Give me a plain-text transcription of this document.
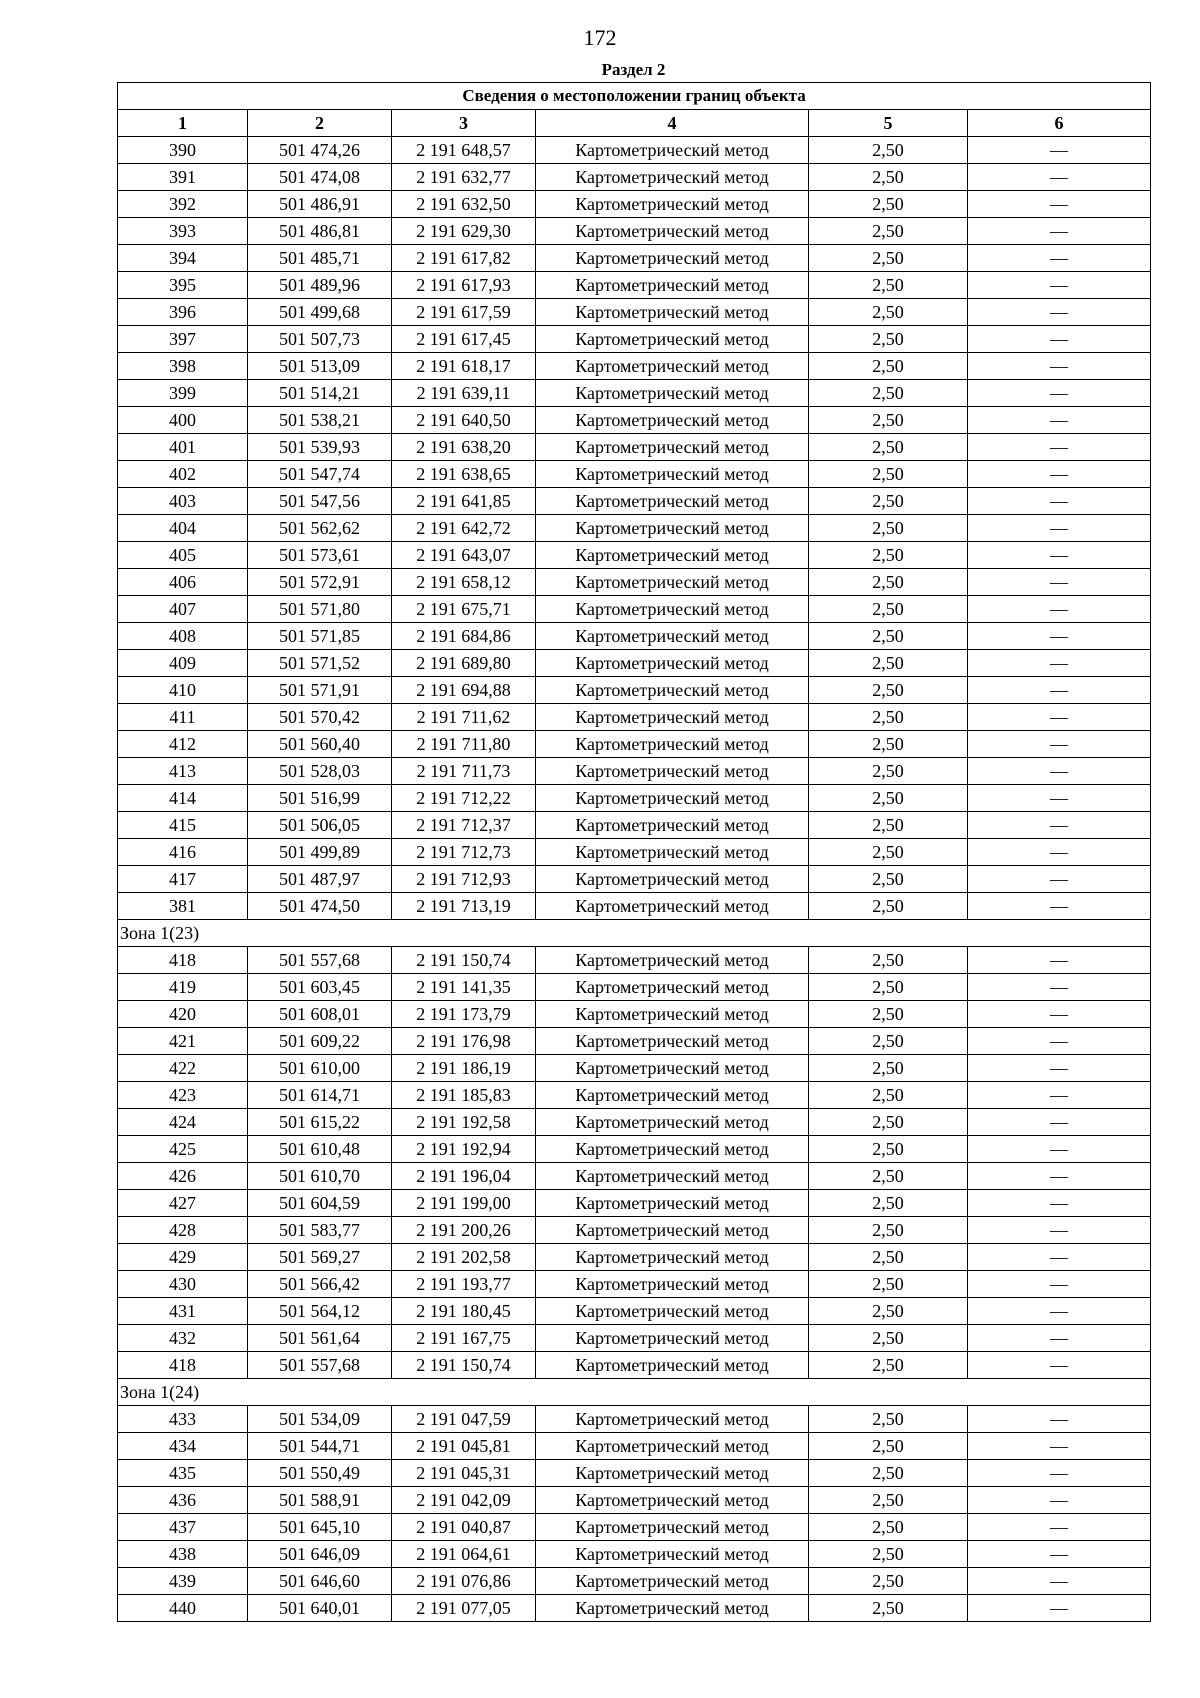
172
Раздел 2
Сведения о местоположении границ объекта					
1	2	3	4	5	6
390	501 474,26	2 191 648,57	Картометрический метод	2,50	—
391	501 474,08	2 191 632,77	Картометрический метод	2,50	—
392	501 486,91	2 191 632,50	Картометрический метод	2,50	—
393	501 486,81	2 191 629,30	Картометрический метод	2,50	—
394	501 485,71	2 191 617,82	Картометрический метод	2,50	—
395	501 489,96	2 191 617,93	Картометрический метод	2,50	—
396	501 499,68	2 191 617,59	Картометрический метод	2,50	—
397	501 507,73	2 191 617,45	Картометрический метод	2,50	—
398	501 513,09	2 191 618,17	Картометрический метод	2,50	—
399	501 514,21	2 191 639,11	Картометрический метод	2,50	—
400	501 538,21	2 191 640,50	Картометрический метод	2,50	—
401	501 539,93	2 191 638,20	Картометрический метод	2,50	—
402	501 547,74	2 191 638,65	Картометрический метод	2,50	—
403	501 547,56	2 191 641,85	Картометрический метод	2,50	—
404	501 562,62	2 191 642,72	Картометрический метод	2,50	—
405	501 573,61	2 191 643,07	Картометрический метод	2,50	—
406	501 572,91	2 191 658,12	Картометрический метод	2,50	—
407	501 571,80	2 191 675,71	Картометрический метод	2,50	—
408	501 571,85	2 191 684,86	Картометрический метод	2,50	—
409	501 571,52	2 191 689,80	Картометрический метод	2,50	—
410	501 571,91	2 191 694,88	Картометрический метод	2,50	—
411	501 570,42	2 191 711,62	Картометрический метод	2,50	—
412	501 560,40	2 191 711,80	Картометрический метод	2,50	—
413	501 528,03	2 191 711,73	Картометрический метод	2,50	—
414	501 516,99	2 191 712,22	Картометрический метод	2,50	—
415	501 506,05	2 191 712,37	Картометрический метод	2,50	—
416	501 499,89	2 191 712,73	Картометрический метод	2,50	—
417	501 487,97	2 191 712,93	Картометрический метод	2,50	—
381	501 474,50	2 191 713,19	Картометрический метод	2,50	—
Зона 1(23)					
418	501 557,68	2 191 150,74	Картометрический метод	2,50	—
419	501 603,45	2 191 141,35	Картометрический метод	2,50	—
420	501 608,01	2 191 173,79	Картометрический метод	2,50	—
421	501 609,22	2 191 176,98	Картометрический метод	2,50	—
422	501 610,00	2 191 186,19	Картометрический метод	2,50	—
423	501 614,71	2 191 185,83	Картометрический метод	2,50	—
424	501 615,22	2 191 192,58	Картометрический метод	2,50	—
425	501 610,48	2 191 192,94	Картометрический метод	2,50	—
426	501 610,70	2 191 196,04	Картометрический метод	2,50	—
427	501 604,59	2 191 199,00	Картометрический метод	2,50	—
428	501 583,77	2 191 200,26	Картометрический метод	2,50	—
429	501 569,27	2 191 202,58	Картометрический метод	2,50	—
430	501 566,42	2 191 193,77	Картометрический метод	2,50	—
431	501 564,12	2 191 180,45	Картометрический метод	2,50	—
432	501 561,64	2 191 167,75	Картометрический метод	2,50	—
418	501 557,68	2 191 150,74	Картометрический метод	2,50	—
Зона 1(24)					
433	501 534,09	2 191 047,59	Картометрический метод	2,50	—
434	501 544,71	2 191 045,81	Картометрический метод	2,50	—
435	501 550,49	2 191 045,31	Картометрический метод	2,50	—
436	501 588,91	2 191 042,09	Картометрический метод	2,50	—
437	501 645,10	2 191 040,87	Картометрический метод	2,50	—
438	501 646,09	2 191 064,61	Картометрический метод	2,50	—
439	501 646,60	2 191 076,86	Картометрический метод	2,50	—
440	501 640,01	2 191 077,05	Картометрический метод	2,50	—
